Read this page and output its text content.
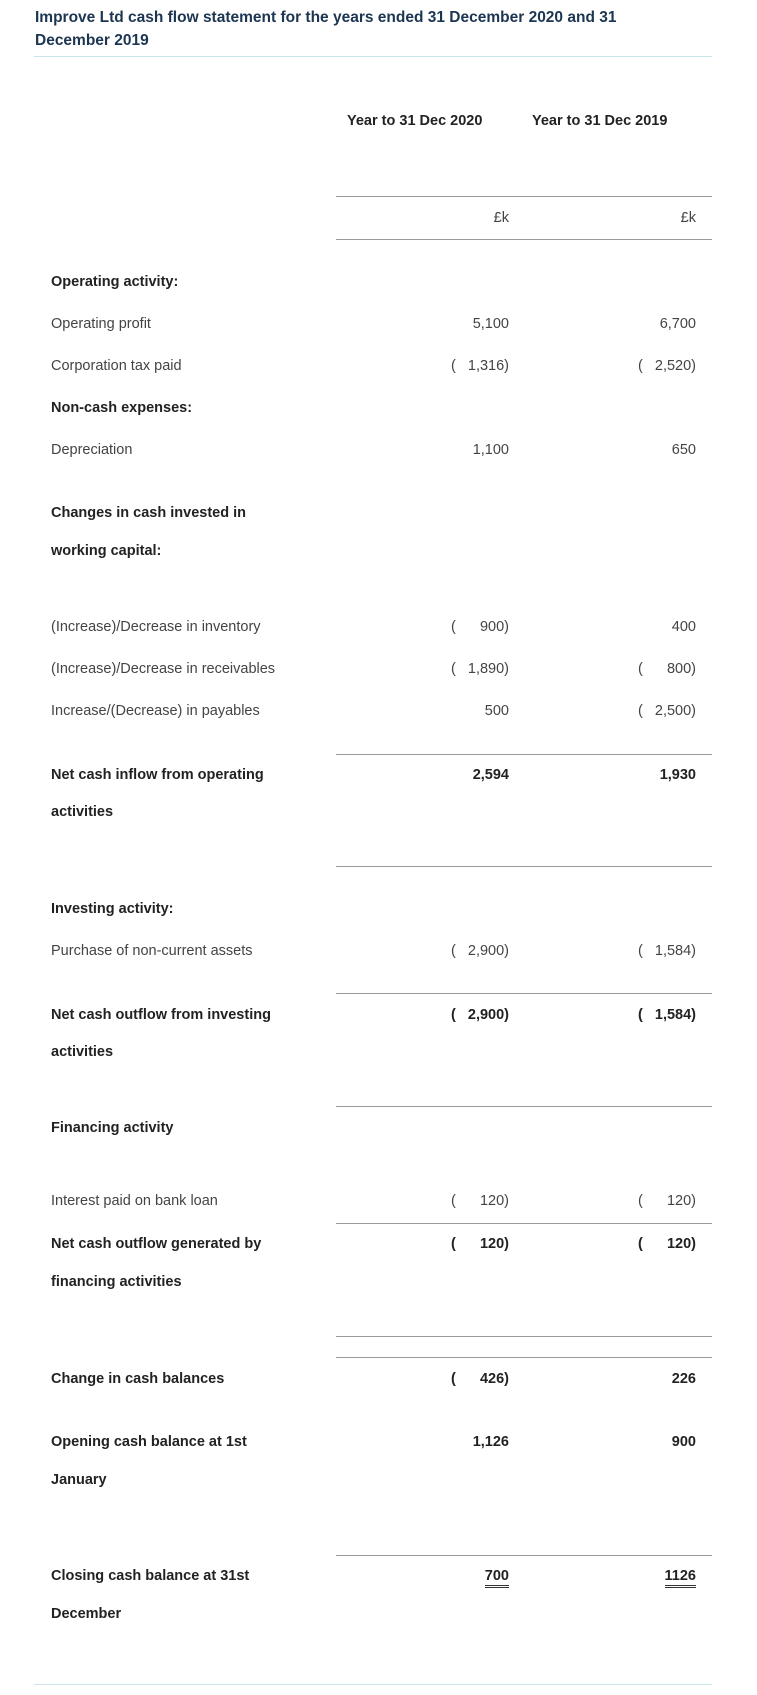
Improve Ltd cash flow statement for the years ended 31 December 2020 and 31 December 2019
Year to 31 Dec 2020	Year to 31 Dec 2019
£k	£k
Operating activity:
Operating profit	5,100	6,700
Corporation tax paid	( 1,316)	( 2,520)
Non-cash expenses:
Depreciation	1,100	650
Changes in cash invested in
working capital:
(Increase)/Decrease in inventory	( 900)	400
(Increase)/Decrease in receivables	( 1,890)	( 800)
Increase/(Decrease) in payables	500	( 2,500)
Net cash inflow from operating	2,594	1,930
activities
Investing activity:
Purchase of non-current assets	( 2,900)	( 1,584)
Net cash outflow from investing	( 2,900)	( 1,584)
activities
Financing activity
Interest paid on bank loan	( 120)	( 120)
Net cash outflow generated by	( 120)	( 120)
financing activities
Change in cash balances	( 426)	226
Opening cash balance at 1st	1,126	900
January
Closing cash balance at 31st	700	1126
December
